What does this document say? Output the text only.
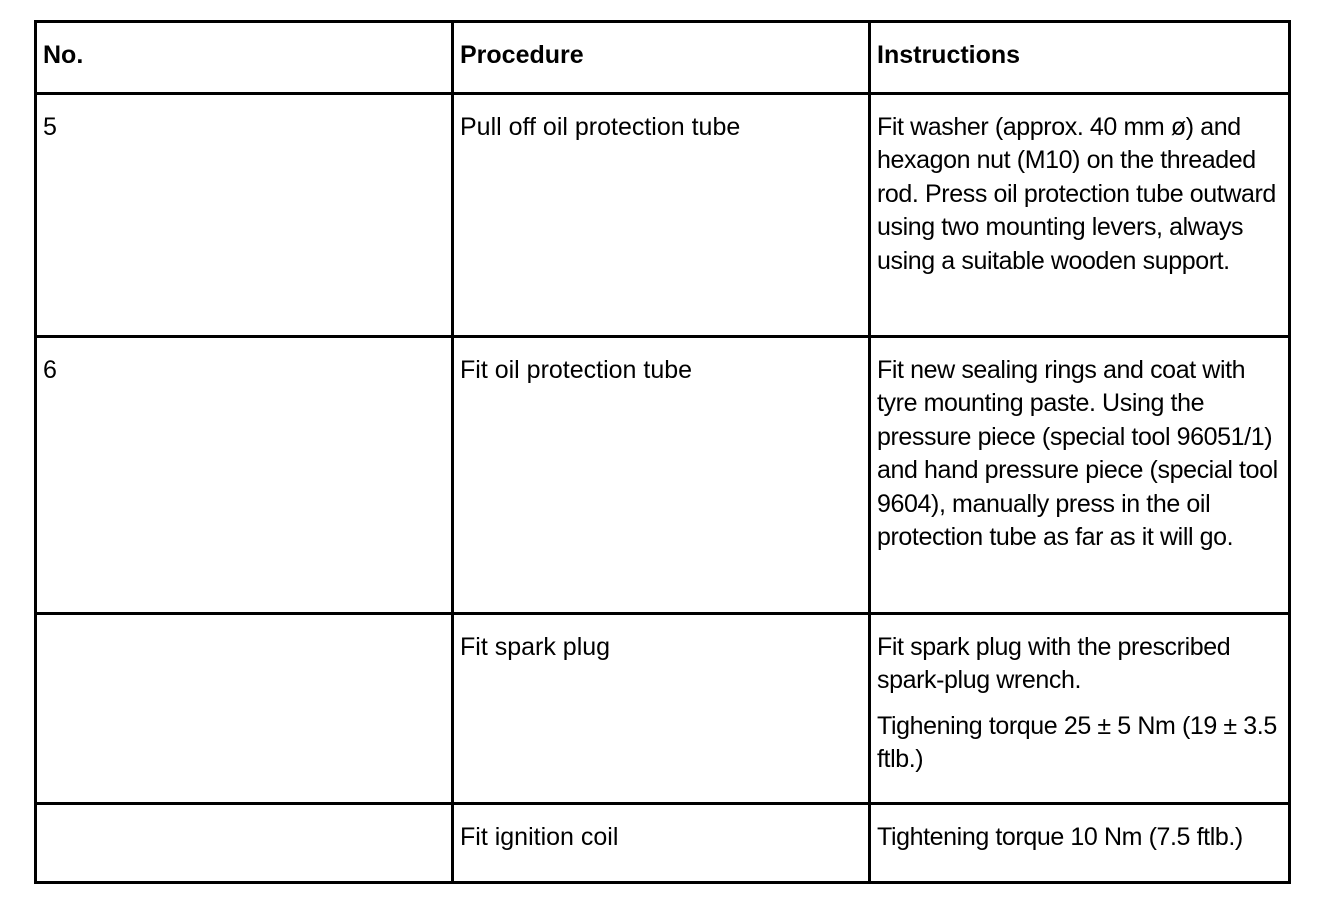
No.	Procedure	Instructions
5	Pull off oil protection tube	Fit washer (approx. 40 mm ø) and hexagon nut (M10) on the threaded rod. Press oil protection tube outward using two mounting levers, always using a suitable wooden support.

6	Fit oil protection tube	Fit new sealing rings and coat with tyre mounting paste. Using the pressure piece (special tool 96051/1) and hand pressure piece (special tool 9604), manually press in the oil protection tube as far as it will go.

	Fit spark plug	Fit spark plug with the prescribed spark-plug wrench.

Tighening torque 25 ± 5 Nm (19 ± 3.5 ftlb.)

	Fit ignition coil	Tightening torque 10 Nm (7.5 ftlb.)
